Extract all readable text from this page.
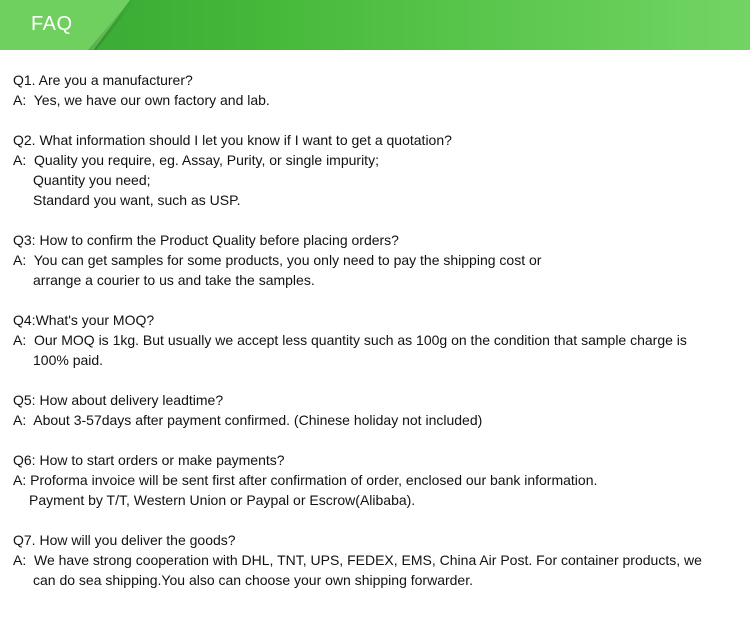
FAQ
Q1. Are you a manufacturer?
A:  Yes, we have our own factory and lab.
Q2. What information should I let you know if I want to get a quotation?
A:  Quality you require, eg. Assay, Purity, or single impurity;
Quantity you need;
Standard you want, such as USP.
Q3: How to confirm the Product Quality before placing orders?
A:  You can get samples for some products, you only need to pay the shipping cost or
arrange a courier to us and take the samples.
Q4:What's your MOQ?
A:  Our MOQ is 1kg. But usually we accept less quantity such as 100g on the condition that sample charge is
100% paid.
Q5: How about delivery leadtime?
A:  About 3-57days after payment confirmed. (Chinese holiday not included)
Q6: How to start orders or make payments?
A: Proforma invoice will be sent first after confirmation of order, enclosed our bank information.
Payment by T/T, Western Union or Paypal or Escrow(Alibaba).
Q7. How will you deliver the goods?
A:  We have strong cooperation with DHL, TNT, UPS, FEDEX, EMS, China Air Post. For container products, we
can do sea shipping.You also can choose your own shipping forwarder.
